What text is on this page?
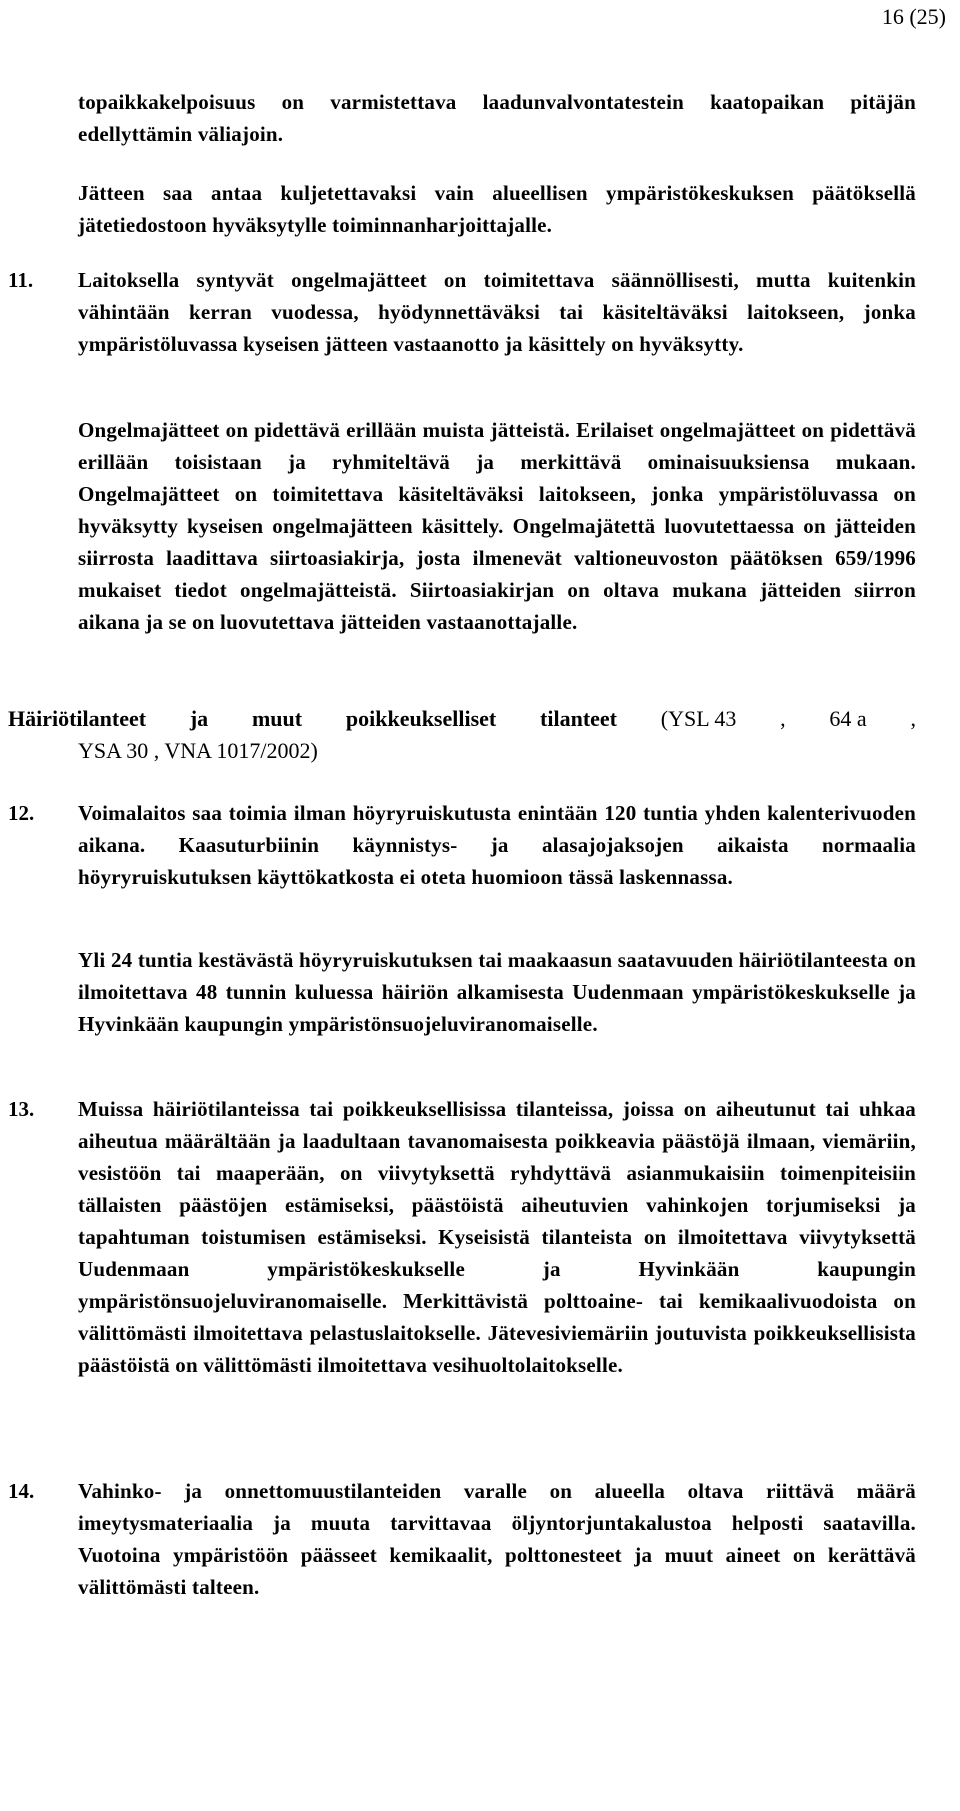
16 (25)

topaikkakelpoisuus on varmistettava laadunvalvontatestein kaatopaikan pitäjän edellyttämin väliajoin.

Jätteen saa antaa kuljetettavaksi vain alueellisen ympäristökeskuksen päätöksellä jätetiedostoon hyväksytylle toiminnanharjoittajalle.

11. Laitoksella syntyvät ongelmajätteet on toimitettava säännöllisesti, mutta kuitenkin vähintään kerran vuodessa, hyödynnettäväksi tai käsiteltäväksi laitokseen, jonka ympäristöluvassa kyseisen jätteen vastaanotto ja käsittely on hyväksytty.

Ongelmajätteet on pidettävä erillään muista jätteistä. Erilaiset ongelmajätteet on pidettävä erillään toisistaan ja ryhmiteltävä ja merkittävä ominaisuuksiensa mukaan. Ongelmajätteet on toimitettava käsiteltäväksi laitokseen, jonka ympäristöluvassa on hyväksytty kyseisen ongelmajätteen käsittely. Ongelmajätettä luovutettaessa on jätteiden siirrosta laadittava siirtoasiakirja, josta ilmenevät valtioneuvoston päätöksen 659/1996 mukaiset tiedot ongelmajätteistä. Siirtoasiakirjan on oltava mukana jätteiden siirron aikana ja se on luovutettava jätteiden vastaanottajalle.

Häiriötilanteet ja muut poikkeukselliset tilanteet (YSL 43 , 64 a ,
YSA 30 , VNA 1017/2002)
12. Voimalaitos saa toimia ilman höyryruiskutusta enintään 120 tuntia yhden kalenterivuoden aikana. Kaasuturbiinin käynnistys- ja alasajojaksojen aikaista normaalia höyryruiskutuksen käyttökatkosta ei oteta huomioon tässä laskennassa.

Yli 24 tuntia kestävästä höyryruiskutuksen tai maakaasun saatavuuden häiriötilanteesta on ilmoitettava 48 tunnin kuluessa häiriön alkamisesta Uudenmaan ympäristökeskukselle ja Hyvinkään kaupungin ympäristönsuojeluviranomaiselle.

13. Muissa häiriötilanteissa tai poikkeuksellisissa tilanteissa, joissa on aiheutunut tai uhkaa aiheutua määrältään ja laadultaan tavanomaisesta poikkeavia päästöjä ilmaan, viemäriin, vesistöön tai maaperään, on viivytyksettä ryhdyttävä asianmukaisiin toimenpiteisiin tällaisten päästöjen estämiseksi, päästöistä aiheutuvien vahinkojen torjumiseksi ja tapahtuman toistumisen estämiseksi. Kyseisistä tilanteista on ilmoitettava viivytyksettä Uudenmaan ympäristökeskukselle ja Hyvinkään kaupungin ympäristönsuojeluviranomaiselle. Merkittävistä polttoaine- tai kemikaalivuodoista on välittömästi ilmoitettava pelastuslaitokselle. Jätevesiviemäriin joutuvista poikkeuksellisista päästöistä on välittömästi ilmoitettava vesihuoltolaitokselle.

14. Vahinko- ja onnettomuustilanteiden varalle on alueella oltava riittävä määrä imeytysmateriaalia ja muuta tarvittavaa öljyntorjuntakalustoa helposti saatavilla. Vuotoina ympäristöön päässeet kemikaalit, polttonesteet ja muut aineet on kerättävä välittömästi talteen.
